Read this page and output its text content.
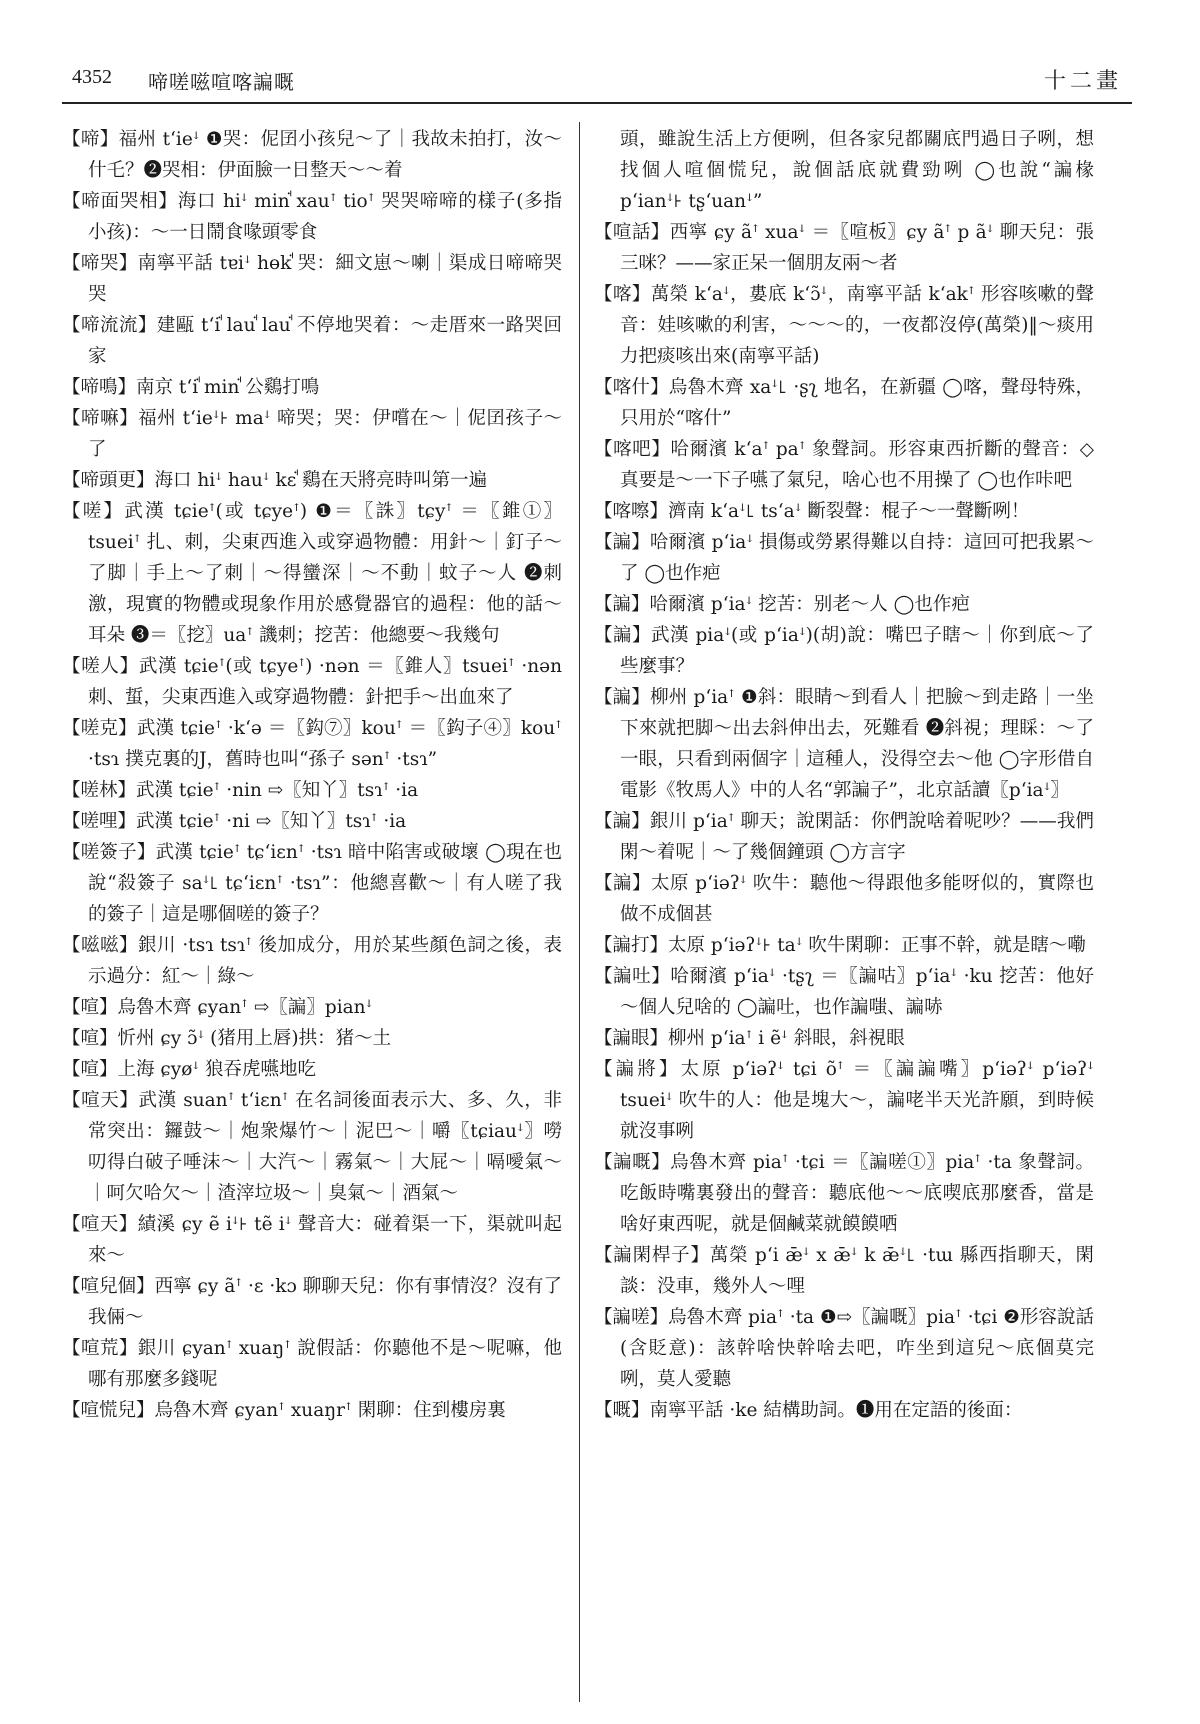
4352 啼嗟嗞喧喀諞嘅	十二畫

【啼】福州 tʻieꜜ ❶哭：伲囝小孩兒～了｜我故未拍打，汝～什乇？❷哭相：伊面臉一日整天～～着

【啼面哭相】海口 hiꜜ minꜗ xauꜛ tioꜛ 哭哭啼啼的樣子(多指小孩)：～一日鬧食喙頭零食

【啼哭】南寧平話 tɐiꜜ hɵkꜗ 哭：細文崽～喇｜渠成日啼啼哭哭

【啼流流】建甌 tʻiꜗ lauꜗ lauꜗ 不停地哭着：～走厝來一路哭回家

【啼鳴】南京 tʻiꜗ minꜗ 公鷄打鳴

【啼嘛】福州 tʻieꜜ꜔ maꜜ 啼哭；哭：伊嚐在～｜伲囝孩子～了

【啼頭更】海口 hiꜜ hauꜜ kɛꜗ 鷄在天將亮時叫第一遍

【嗟】武漢 tɕieꜛ(或 tɕyeꜛ) ❶＝〖誅〗tɕyꜛ ＝〖錐①〗tsueiꜛ 扎、刺，尖東西進入或穿過物體：用針～｜釘子～了脚｜手上～了刺｜～得蠻深｜～不動｜蚊子～人 ❷刺激，現實的物體或現象作用於感覺器官的過程：他的話～耳朵 ❸＝〖挖〗uaꜛ 譏刺；挖苦：他總要～我幾句

【嗟人】武漢 tɕieꜛ(或 tɕyeꜛ) ·nən ＝〖錐人〗tsueiꜛ ·nən 刺、蜇，尖東西進入或穿過物體：針把手～出血來了

【嗟克】武漢 tɕieꜛ ·kʻə ＝〖鈎⑦〗kouꜛ ＝〖鈎子④〗kouꜛ ·tsɿ 撲克裏的J，舊時也叫“孫子 sənꜛ ·tsɿ”

【嗟林】武漢 tɕieꜛ ·nin ⇨〖知丫〗tsɿꜛ ·ia

【嗟哩】武漢 tɕieꜛ ·ni ⇨〖知丫〗tsɿꜛ ·ia

【嗟簽子】武漢 tɕieꜛ tɕʻiɛnꜛ ·tsɿ 暗中陷害或破壞 ◯現在也說“殺簽子 saꜜ꜖ tɕʻiɛnꜛ ·tsɿ”：他總喜歡～｜有人嗟了我的簽子｜這是哪個嗟的簽子？

【嗞嗞】銀川 ·tsɿ tsɿꜛ 後加成分，用於某些顏色詞之後，表示過分：紅～｜綠～

【喧】烏魯木齊 ɕyanꜛ ⇨〖諞〗pianꜜ

【喧】忻州 ɕy ɔ̃ꜜ (猪用上唇)拱：猪～土

【喧】上海 ɕyøꜜ 狼吞虎嚥地吃

【喧天】武漢 suanꜛ tʻiɛnꜛ 在名詞後面表示大、多、久，非常突出：鑼鼓～｜炮衆爆竹～｜泥巴～｜嚼〖tɕiauꜜ〗嘮叨得白破子唾沫～｜大汽～｜霧氣～｜大屁～｜嗝噯氣～｜呵欠哈欠～｜渣滓垃圾～｜臭氣～｜酒氣～

【喧天】績溪 ɕy ẽ iꜜ꜔ tẽ iꜜ 聲音大：碰着渠一下，渠就叫起來～

【喧兒個】西寧 ɕy ãꜛ ·ɛ ·kɔ 聊聊天兒：你有事情沒？沒有了我倆～

【喧荒】銀川 ɕyanꜛ xuaŋꜛ 說假話：你聽他不是～呢嘛，他哪有那麼多錢呢

【喧慌兒】烏魯木齊 ɕyanꜛ xuaŋrꜛ 閑聊：住到樓房裏

頭，雖說生活上方便咧，但各家兒都關底門過日子咧，想找個人喧個慌兒，說個話底就費勁咧 ◯也說“諞椽 pʻianꜜ꜔ tʂʻuanꜜ”

【喧話】西寧 ɕy ãꜛ xuaꜜ ＝〖喧板〗ɕy ãꜛ p ãꜜ 聊天兒：張三咪？——家正呆一個朋友兩～者

【喀】萬榮 kʻaꜜ，婁底 kʻɔ̃ꜜ，南寧平話 kʻakꜛ 形容咳嗽的聲音：娃咳嗽的利害，～～～的，一夜都沒停(萬榮)‖～痰用力把痰咳出來(南寧平話)

【喀什】烏魯木齊 xaꜜ꜖ ·ʂʅ 地名，在新疆 ◯喀，聲母特殊，只用於“喀什”

【喀吧】哈爾濱 kʻaꜛ paꜛ 象聲詞。形容東西折斷的聲音：◇真要是～一下子嚥了氣兒，啥心也不用操了 ◯也作咔吧

【喀嚓】濟南 kʻaꜜ꜖ tsʻaꜜ 斷裂聲：棍子～一聲斷咧！

【諞】哈爾濱 pʻiaꜜ 損傷或勞累得難以自持：這回可把我累～了 ◯也作疤

【諞】哈爾濱 pʻiaꜜ 挖苦：别老～人 ◯也作疤

【諞】武漢 piaꜜ(或 pʻiaꜜ)(胡)說：嘴巴子瞎～｜你到底～了些麼事？

【諞】柳州 pʻiaꜛ ❶斜：眼睛～到看人｜把臉～到走路｜一坐下來就把脚～出去斜伸出去，死難看 ❷斜視；理睬：～了一眼，只看到兩個字｜這種人，没得空去～他 ◯字形借自電影《牧馬人》中的人名“郭諞子”，北京話讀〖pʻiaꜜ〗

【諞】銀川 pʻiaꜛ 聊天；說閑話：你們說啥着呢吵？——我們閑～着呢｜～了幾個鐘頭 ◯方言字

【諞】太原 pʻiəʔꜜ 吹牛：聽他～得跟他多能呀似的，實際也做不成個甚

【諞打】太原 pʻiəʔꜜ꜔ taꜜ 吹牛閑聊：正事不幹，就是瞎～嘞

【諞吐】哈爾濱 pʻiaꜜ ·tʂʅ ＝〖諞咕〗pʻiaꜜ ·ku 挖苦：他好～個人兒啥的 ◯諞吐，也作諞嗤、諞哧

【諞眼】柳州 pʻiaꜛ i ẽꜜ 斜眼，斜視眼

【諞將】太原 pʻiəʔꜜ tɕi õꜛ ＝〖諞諞嘴〗pʻiəʔꜜ pʻiəʔꜜ tsueiꜜ 吹牛的人：他是塊大～，諞咾半天光許願，到時候就沒事咧

【諞嘅】烏魯木齊 piaꜛ ·tɕi ＝〖諞嗟①〗piaꜛ ·ta 象聲詞。吃飯時嘴裏發出的聲音：聽底他～～底喫底那麼香，當是啥好東西呢，就是個鹹菜就饃饃哂

【諞閑桿子】萬榮 pʻi ǣꜜ x ǣꜜ k ǣꜜ꜖ ·tɯ 縣西指聊天，閑談：没車，幾外人～哩

【諞嗟】烏魯木齊 piaꜛ ·ta ❶⇨〖諞嘅〗piaꜛ ·tɕi ❷形容說話(含貶意)：該幹啥快幹啥去吧，咋坐到這兒～底個莫完咧，莫人愛聽

【嘅】南寧平話 ·ke 結構助詞。❶用在定語的後面：
